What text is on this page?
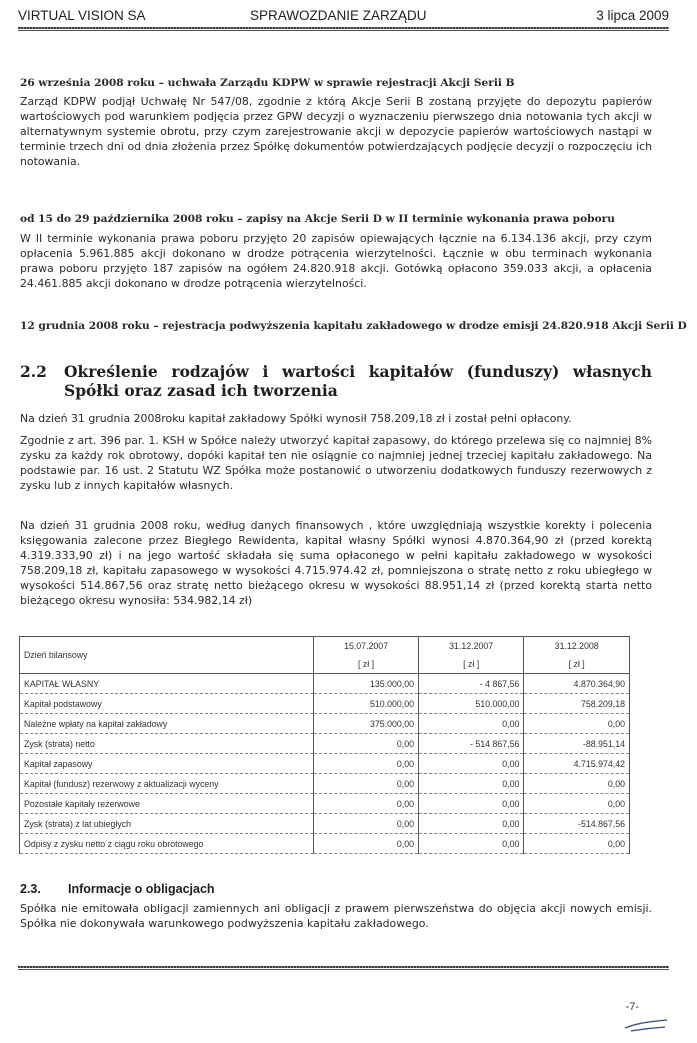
VIRTUAL VISION SA	SPRAWOZDANIE ZARZĄDU	3 lipca 2009
26 września 2008 roku – uchwała Zarządu KDPW w sprawie rejestracji Akcji Serii B
Zarząd KDPW podjął Uchwałę Nr 547/08, zgodnie z którą Akcje Serii B zostaną przyjęte do depozytu papierów wartościowych pod warunkiem podjęcia przez GPW decyzji o wyznaczeniu pierwszego dnia notowania tych akcji w alternatywnym systemie obrotu, przy czym zarejestrowanie akcji w depozycie papierów wartościowych nastąpi w terminie trzech dni od dnia złożenia przez Spółkę dokumentów potwierdzających podjęcie decyzji o rozpoczęciu ich notowania.
od 15 do 29 października 2008 roku – zapisy na Akcje Serii D w II terminie wykonania prawa poboru
W II terminie wykonania prawa poboru przyjęto 20 zapisów opiewających łącznie na 6.134.136 akcji, przy czym opłacenia 5.961.885 akcji dokonano w drodze potrącenia wierzytelności. Łącznie w obu terminach wykonania prawa poboru przyjęto 187 zapisów na ogółem 24.820.918 akcji. Gotówką opłacono 359.033 akcji, a opłacenia 24.461.885 akcji dokonano w drodze potrącenia wierzytelności.
12 grudnia 2008 roku – rejestracja podwyższenia kapitału zakładowego w drodze emisji 24.820.918 Akcji Serii D
2.2 Określenie rodzajów i wartości kapitałów (funduszy) własnych Spółki oraz zasad ich tworzenia
Na dzień 31 grudnia 2008roku kapitał zakładowy Spółki wynosił 758.209,18 zł i został pełni opłacony.
Zgodnie z art. 396 par. 1. KSH w Spółce należy utworzyć kapitał zapasowy, do którego przelewa się co najmniej 8% zysku za każdy rok obrotowy, dopóki kapitał ten nie osiągnie co najmniej jednej trzeciej kapitału zakładowego. Na podstawie par. 16 ust. 2 Statutu WZ Spółka może postanowić o utworzeniu dodatkowych funduszy rezerwowych z zysku lub z innych kapitałów własnych.
Na dzień 31 grudnia 2008 roku, według danych finansowych , które uwzględniają wszystkie korekty i polecenia księgowania zalecone przez Biegłego Rewidenta, kapitał własny Spółki wynosi 4.870.364,90 zł (przed korektą 4.319.333,90 zł) i na jego wartość składała się suma opłaconego w pełni kapitału zakładowego w wysokości 758.209,18 zł, kapitału zapasowego w wysokości 4.715.974.42 zł, pomniejszona o stratę netto z roku ubiegłego w wysokości 514.867,56 oraz stratę netto bieżącego okresu w wysokości 88.951,14 zł (przed korektą starta netto bieżącego okresu wynosiła: 534.982,14 zł)
Dzień bilansowy	15.07.2007	31.12.2007	31.12.2008
	[ zł ]	[ zł ]	[ zł ]
KAPITAŁ WŁASNY	135.000,00	- 4 867,56	4.870.364,90
Kapitał podstawowy	510.000,00	510.000,00	758.209,18
Należne wpłaty na kapitał zakładowy	375.000,00	0,00	0,00
Zysk (strata) netto	0,00	- 514 867,56	-88.951,14
Kapitał zapasowy	0,00	0,00	4.715.974,42
Kapitał (fundusz) rezerwowy z aktualizacji wyceny	0,00	0,00	0,00
Pozostałe kapitały rezerwowe	0,00	0,00	0,00
Zysk (strata) z lat ubiegłych	0,00	0,00	-514.867,56
Odpisy z zysku netto z ciągu roku obrotowego	0,00	0,00	0,00
2.3. Informacje o obligacjach
Spółka nie emitowała obligacji zamiennych ani obligacji z prawem pierwszeństwa do objęcia akcji nowych emisji. Spółka nie dokonywała warunkowego podwyższenia kapitału zakładowego.
-7-
